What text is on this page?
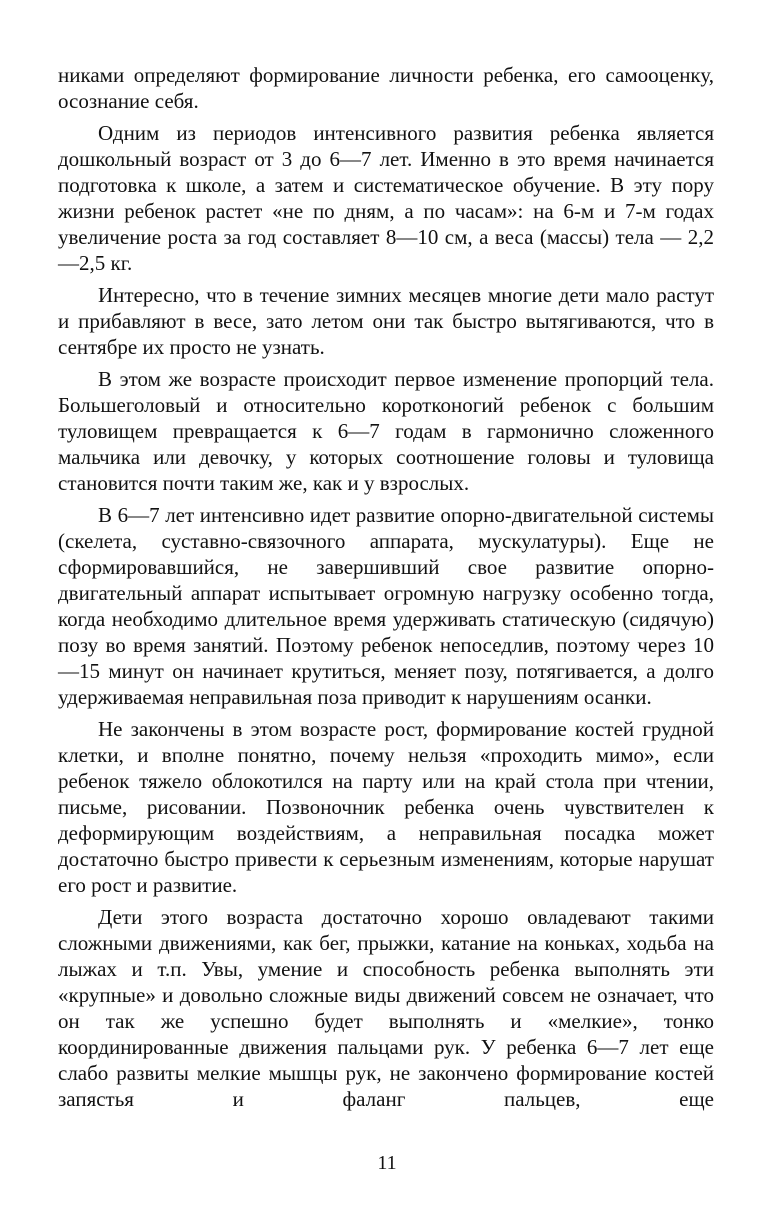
никами определяют формирование личности ребенка, его самооценку, осознание себя.

Одним из периодов интенсивного развития ребенка является дошкольный возраст от 3 до 6—7 лет. Именно в это время начинается подготовка к школе, а затем и систематическое обучение. В эту пору жизни ребенок растет «не по дням, а по часам»: на 6-м и 7-м годах увеличение роста за год составляет 8—10 см, а веса (массы) тела — 2,2—2,5 кг.

Интересно, что в течение зимних месяцев многие дети мало растут и прибавляют в весе, зато летом они так быстро вытягиваются, что в сентябре их просто не узнать.

В этом же возрасте происходит первое изменение пропорций тела. Большеголовый и относительно коротконогий ребенок с большим туловищем превращается к 6—7 годам в гармонично сложенного мальчика или девочку, у которых соотношение головы и туловища становится почти таким же, как и у взрослых.

В 6—7 лет интенсивно идет развитие опорно-двигательной системы (скелета, суставно-связочного аппарата, мускулатуры). Еще не сформировавшийся, не завершивший свое развитие опорно-двигательный аппарат испытывает огромную нагрузку особенно тогда, когда необходимо длительное время удерживать статическую (сидячую) позу во время занятий. Поэтому ребенок непоседлив, поэтому через 10—15 минут он начинает крутиться, меняет позу, потягивается, а долго удерживаемая неправильная поза приводит к нарушениям осанки.

Не закончены в этом возрасте рост, формирование костей грудной клетки, и вполне понятно, почему нельзя «проходить мимо», если ребенок тяжело облокотился на парту или на край стола при чтении, письме, рисовании. Позвоночник ребенка очень чувствителен к деформирующим воздействиям, а неправильная посадка может достаточно быстро привести к серьезным изменениям, которые нарушат его рост и развитие.

Дети этого возраста достаточно хорошо овладевают такими сложными движениями, как бег, прыжки, катание на коньках, ходьба на лыжах и т.п. Увы, умение и способность ребенка выполнять эти «крупные» и довольно сложные виды движений совсем не означает, что он так же успешно будет выполнять и «мелкие», тонко координированные движения пальцами рук. У ребенка 6—7 лет еще слабо развиты мелкие мышцы рук, не закончено формирование костей запястья и фаланг пальцев, еще

11
